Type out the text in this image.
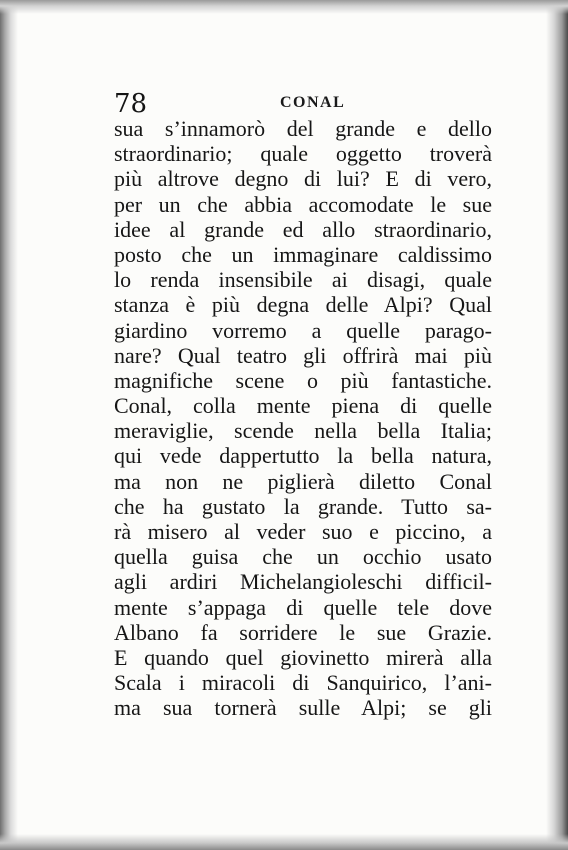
78	CONAL
sua s’innamorò del grande e dello
straordinario; quale oggetto troverà
più altrove degno di lui? E di vero,
per un che abbia accomodate le sue
idee al grande ed allo straordinario,
posto che un immaginare caldissimo
lo renda insensibile ai disagi, quale
stanza è più degna delle Alpi? Qual
giardino vorremo a quelle parago-
nare? Qual teatro gli offrirà mai più
magnifiche scene o più fantastiche.
Conal, colla mente piena di quelle
meraviglie, scende nella bella Italia;
qui vede dappertutto la bella natura,
ma non ne piglierà diletto Conal
che ha gustato la grande. Tutto sa-
rà misero al veder suo e piccino, a
quella guisa che un occhio usato
agli ardiri Michelangioleschi difficil-
mente s’appaga di quelle tele dove
Albano fa sorridere le sue Grazie.
E quando quel giovinetto mirerà alla
Scala i miracoli di Sanquirico, l’ani-
ma sua tornerà sulle Alpi; se gli
